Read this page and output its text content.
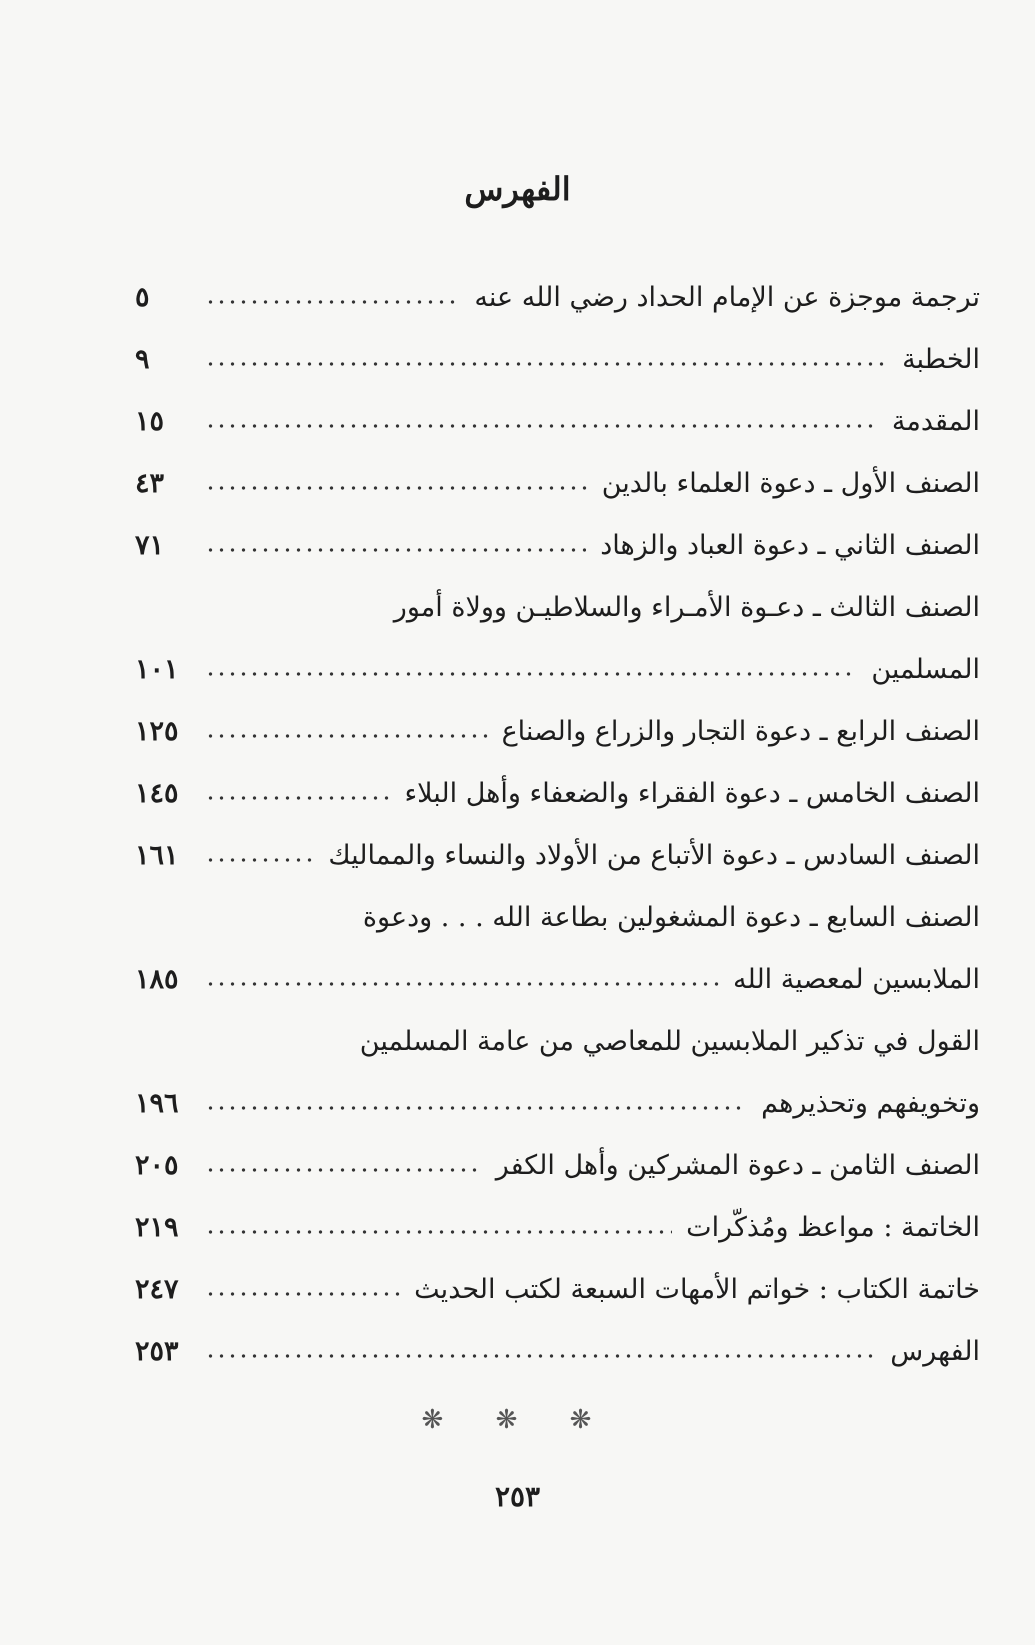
الفهرس
ترجمة موجزة عن الإمام الحداد رضي الله عنه
٥
الخطبة
٩
المقدمة
١٥
الصنف الأول ـ دعوة العلماء بالدين
٤٣
الصنف الثاني ـ دعوة العباد والزهاد
٧١
الصنف الثالث ـ دعـوة الأمـراء والسلاطيـن وولاة أمور
المسلمين
١٠١
الصنف الرابع ـ دعوة التجار والزراع والصناع
١٢٥
الصنف الخامس ـ دعوة الفقراء والضعفاء وأهل البلاء
١٤٥
الصنف السادس ـ دعوة الأتباع من الأولاد والنساء والمماليك
١٦١
الصنف السابع ـ دعوة المشغولين بطاعة الله . . . ودعوة
الملابسين لمعصية الله
١٨٥
القول في تذكير الملابسين للمعاصي من عامة المسلمين
وتخويفهم وتحذيرهم
١٩٦
الصنف الثامن ـ دعوة المشركين وأهل الكفر
٢٠٥
الخاتمة : مواعظ ومُذكّرات
٢١٩
خاتمة الكتاب : خواتم الأمهات السبعة لكتب الحديث
٢٤٧
الفهرس
٢٥٣
❋ ❋ ❋
٢٥٣
